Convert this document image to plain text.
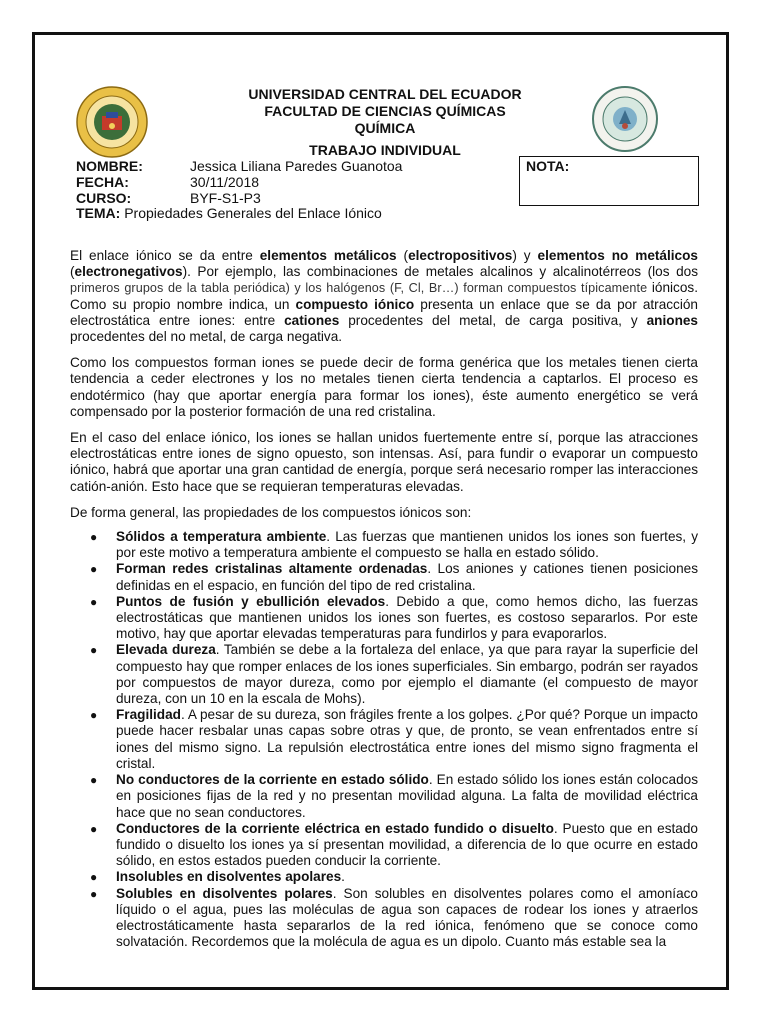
UNIVERSIDAD CENTRAL DEL ECUADOR
FACULTAD DE CIENCIAS QUÍMICAS
QUÍMICA
TRABAJO INDIVIDUAL
NOMBRE:	Jessica Liliana Paredes Guanotoa
FECHA:	30/11/2018
CURSO:	BYF-S1-P3
TEMA: Propiedades Generales del Enlace Iónico
NOTA:

El enlace iónico se da entre elementos metálicos (electropositivos) y elementos no metálicos (electronegativos). Por ejemplo, las combinaciones de metales alcalinos y alcalinotérreos (los dos primeros grupos de la tabla periódica) y los halógenos (F, Cl, Br…) forman compuestos típicamente iónicos. Como su propio nombre indica, un compuesto iónico presenta un enlace que se da por atracción electrostática entre iones: entre cationes procedentes del metal, de carga positiva, y aniones procedentes del no metal, de carga negativa.

Como los compuestos forman iones se puede decir de forma genérica que los metales tienen cierta tendencia a ceder electrones y los no metales tienen cierta tendencia a captarlos. El proceso es endotérmico (hay que aportar energía para formar los iones), éste aumento energético se verá compensado por la posterior formación de una red cristalina.

En el caso del enlace iónico, los iones se hallan unidos fuertemente entre sí, porque las atracciones electrostáticas entre iones de signo opuesto, son intensas. Así, para fundir o evaporar un compuesto iónico, habrá que aportar una gran cantidad de energía, porque será necesario romper las interacciones catión-anión. Esto hace que se requieran temperaturas elevadas.

De forma general, las propiedades de los compuestos iónicos son:

● Sólidos a temperatura ambiente. Las fuerzas que mantienen unidos los iones son fuertes, y por este motivo a temperatura ambiente el compuesto se halla en estado sólido.
● Forman redes cristalinas altamente ordenadas. Los aniones y cationes tienen posiciones definidas en el espacio, en función del tipo de red cristalina.
● Puntos de fusión y ebullición elevados. Debido a que, como hemos dicho, las fuerzas electrostáticas que mantienen unidos los iones son fuertes, es costoso separarlos. Por este motivo, hay que aportar elevadas temperaturas para fundirlos y para evaporarlos.
● Elevada dureza. También se debe a la fortaleza del enlace, ya que para rayar la superficie del compuesto hay que romper enlaces de los iones superficiales. Sin embargo, podrán ser rayados por compuestos de mayor dureza, como por ejemplo el diamante (el compuesto de mayor dureza, con un 10 en la escala de Mohs).
● Fragilidad. A pesar de su dureza, son frágiles frente a los golpes. ¿Por qué? Porque un impacto puede hacer resbalar unas capas sobre otras y que, de pronto, se vean enfrentados entre sí iones del mismo signo. La repulsión electrostática entre iones del mismo signo fragmenta el cristal.
● No conductores de la corriente en estado sólido. En estado sólido los iones están colocados en posiciones fijas de la red y no presentan movilidad alguna. La falta de movilidad eléctrica hace que no sean conductores.
● Conductores de la corriente eléctrica en estado fundido o disuelto. Puesto que en estado fundido o disuelto los iones ya sí presentan movilidad, a diferencia de lo que ocurre en estado sólido, en estos estados pueden conducir la corriente.
● Insolubles en disolventes apolares.
● Solubles en disolventes polares. Son solubles en disolventes polares como el amoníaco líquido o el agua, pues las moléculas de agua son capaces de rodear los iones y atraerlos electrostáticamente hasta separarlos de la red iónica, fenómeno que se conoce como solvatación. Recordemos que la molécula de agua es un dipolo. Cuanto más estable sea la
